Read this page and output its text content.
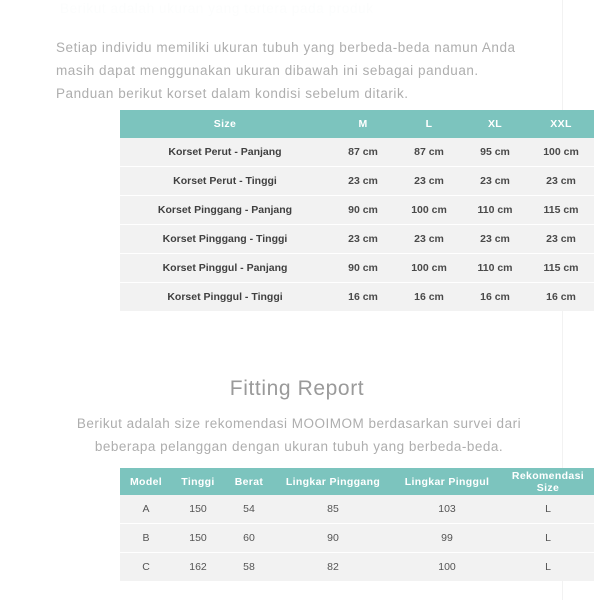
Berikut adalah ukuran yang tertera pada produk

Setiap individu memiliki ukuran tubuh yang berbeda-beda namun Anda masih dapat menggunakan ukuran dibawah ini sebagai panduan. Panduan berikut korset dalam kondisi sebelum ditarik.

Size	M	L	XL	XXL
Korset Perut - Panjang	87 cm	87 cm	95 cm	100 cm
Korset Perut - Tinggi	23 cm	23 cm	23 cm	23 cm
Korset Pinggang - Panjang	90 cm	100 cm	110 cm	115 cm
Korset Pinggang - Tinggi	23 cm	23 cm	23 cm	23 cm
Korset Pinggul - Panjang	90 cm	100 cm	110 cm	115 cm
Korset Pinggul - Tinggi	16 cm	16 cm	16 cm	16 cm
Fitting Report

Berikut adalah size rekomendasi MOOIMOM berdasarkan survei dari beberapa pelanggan dengan ukuran tubuh yang berbeda-beda.

Model	Tinggi	Berat	Lingkar Pinggang	Lingkar Pinggul	Rekomendasi Size
A	150	54	85	103	L
B	150	60	90	99	L
C	162	58	82	100	L
